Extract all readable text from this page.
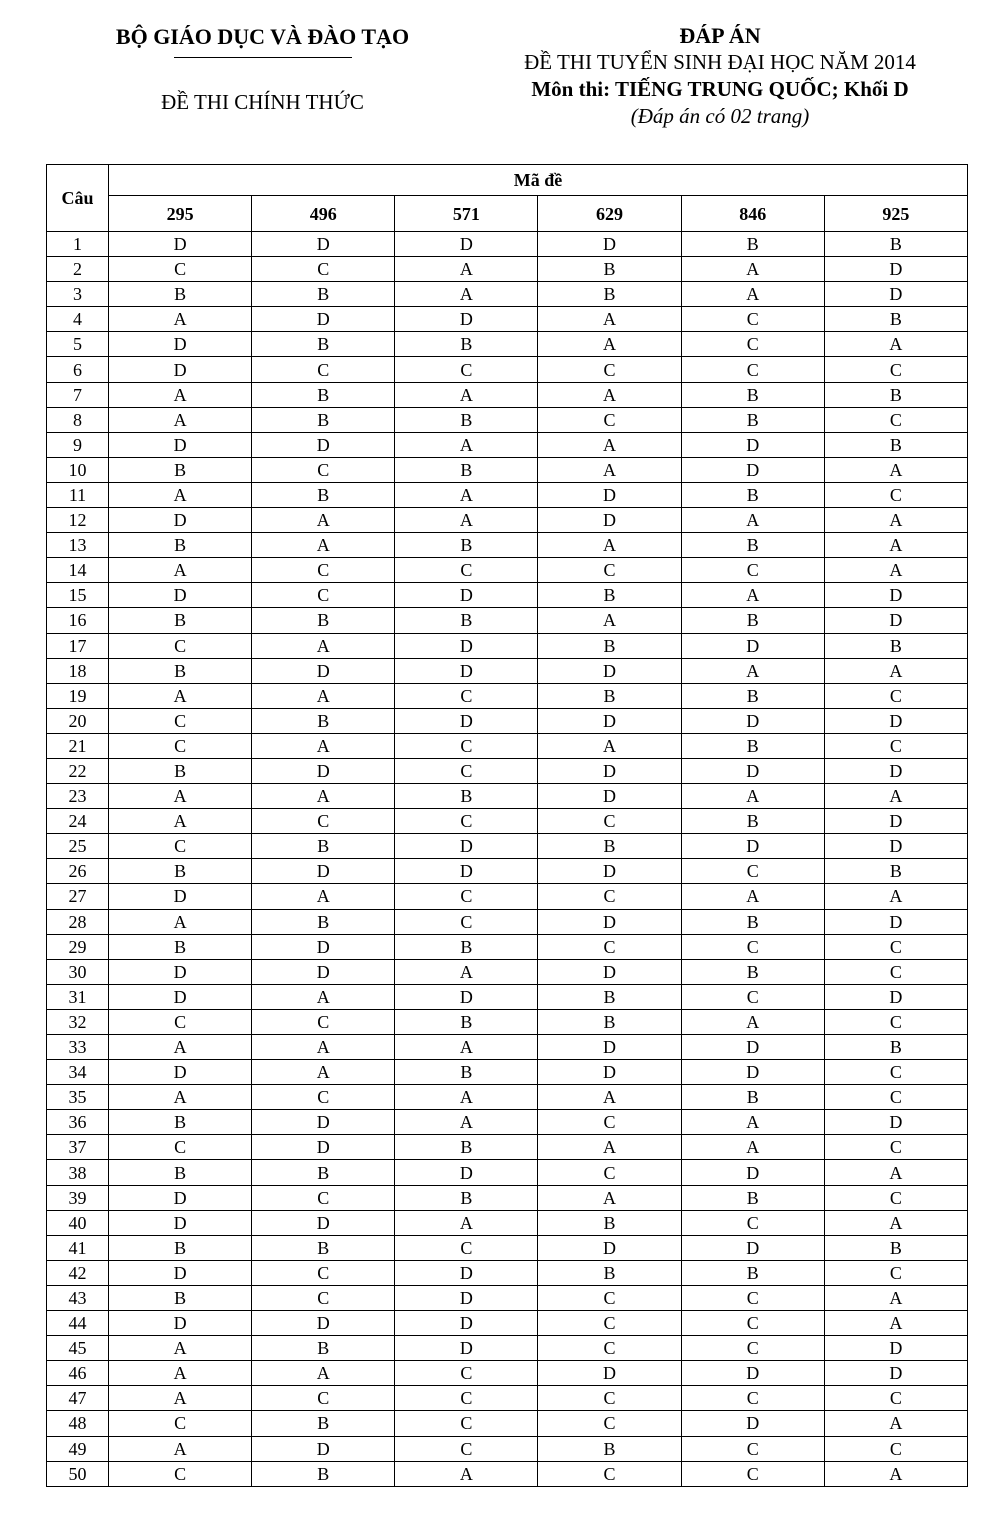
BỘ GIÁO DỤC VÀ ĐÀO TẠO
ĐỀ THI CHÍNH THỨC
ĐÁP ÁN
ĐỀ THI TUYỂN SINH ĐẠI HỌC NĂM 2014
Môn thi: TIẾNG TRUNG QUỐC; Khối D
(Đáp án có 02 trang)
Câu	Mã đề					
	295	496	571	629	846	925
1	D	D	D	D	B	B
2	C	C	A	B	A	D
3	B	B	A	B	A	D
4	A	D	D	A	C	B
5	D	B	B	A	C	A
6	D	C	C	C	C	C
7	A	B	A	A	B	B
8	A	B	B	C	B	C
9	D	D	A	A	D	B
10	B	C	B	A	D	A
11	A	B	A	D	B	C
12	D	A	A	D	A	A
13	B	A	B	A	B	A
14	A	C	C	C	C	A
15	D	C	D	B	A	D
16	B	B	B	A	B	D
17	C	A	D	B	D	B
18	B	D	D	D	A	A
19	A	A	C	B	B	C
20	C	B	D	D	D	D
21	C	A	C	A	B	C
22	B	D	C	D	D	D
23	A	A	B	D	A	A
24	A	C	C	C	B	D
25	C	B	D	B	D	D
26	B	D	D	D	C	B
27	D	A	C	C	A	A
28	A	B	C	D	B	D
29	B	D	B	C	C	C
30	D	D	A	D	B	C
31	D	A	D	B	C	D
32	C	C	B	B	A	C
33	A	A	A	D	D	B
34	D	A	B	D	D	C
35	A	C	A	A	B	C
36	B	D	A	C	A	D
37	C	D	B	A	A	C
38	B	B	D	C	D	A
39	D	C	B	A	B	C
40	D	D	A	B	C	A
41	B	B	C	D	D	B
42	D	C	D	B	B	C
43	B	C	D	C	C	A
44	D	D	D	C	C	A
45	A	B	D	C	C	D
46	A	A	C	D	D	D
47	A	C	C	C	C	C
48	C	B	C	C	D	A
49	A	D	C	B	C	C
50	C	B	A	C	C	A
